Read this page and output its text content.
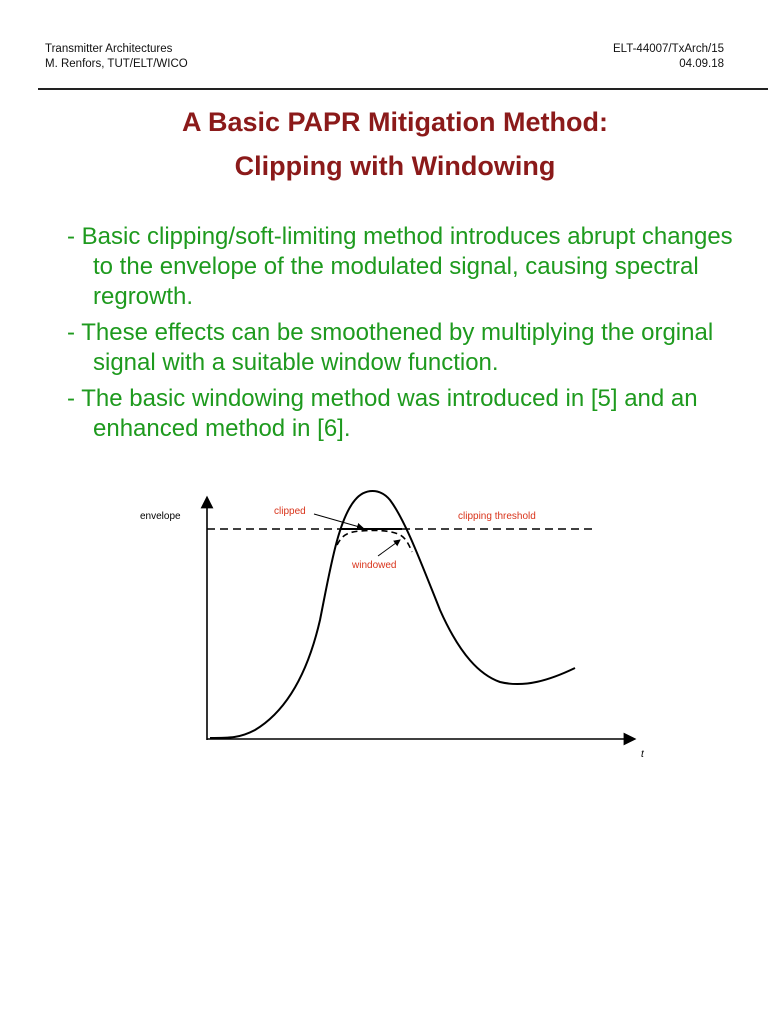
Transmitter Architectures
M. Renfors, TUT/ELT/WICO
ELT-44007/TxArch/15
04.09.18
A Basic PAPR Mitigation Method:
Clipping with Windowing
- Basic clipping/soft-limiting method introduces abrupt changes to the envelope of the modulated signal, causing spectral regrowth.
- These effects can be smoothened by multiplying the orginal signal with a suitable window function.
- The basic windowing method was introduced in [5] and an enhanced method in [6].
envelope
t
clipped	clipping threshold
windowed
